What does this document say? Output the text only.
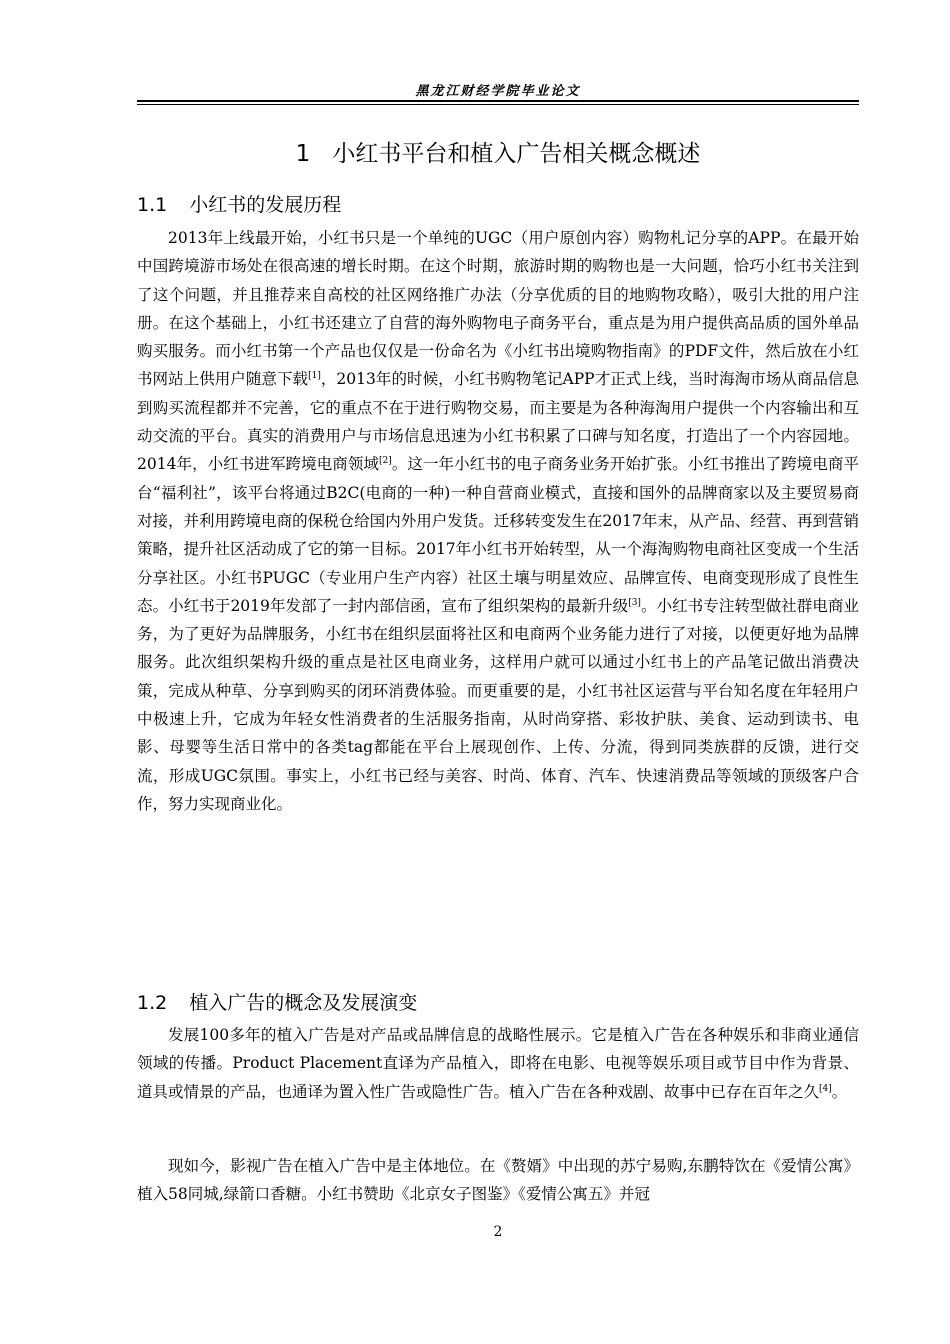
黑龙江财经学院毕业论文
1 小红书平台和植入广告相关概念概述
1.1 小红书的发展历程

2013年上线最开始，小红书只是一个单纯的UGC（用户原创内容）购物札记分享的APP。在最开始中国跨境游市场处在很高速的增长时期。在这个时期，旅游时期的购物也是一大问题，恰巧小红书关注到了这个问题，并且推荐来自高校的社区网络推广办法（分享优质的目的地购物攻略），吸引大批的用户注册。在这个基础上，小红书还建立了自营的海外购物电子商务平台，重点是为用户提供高品质的国外单品购买服务。而小红书第一个产品也仅仅是一份命名为《小红书出境购物指南》的PDF文件，然后放在小红书网站上供用户随意下载[1]，2013年的时候，小红书购物笔记APP才正式上线，当时海淘市场从商品信息到购买流程都并不完善，它的重点不在于进行购物交易，而主要是为各种海淘用户提供一个内容输出和互动交流的平台。真实的消费用户与市场信息迅速为小红书积累了口碑与知名度，打造出了一个内容园地。2014年，小红书进军跨境电商领域[2]。这一年小红书的电子商务业务开始扩张。小红书推出了跨境电商平台“福利社”，该平台将通过B2C(电商的一种)一种自营商业模式，直接和国外的品牌商家以及主要贸易商对接，并利用跨境电商的保税仓给国内外用户发货。迁移转变发生在2017年末，从产品、经营、再到营销策略，提升社区活动成了它的第一目标。2017年小红书开始转型，从一个海淘购物电商社区变成一个生活分享社区。小红书PUGC（专业用户生产内容）社区土壤与明星效应、品牌宣传、电商变现形成了良性生态。小红书于2019年发部了一封内部信函，宣布了组织架构的最新升级[3]。小红书专注转型做社群电商业务，为了更好为品牌服务，小红书在组织层面将社区和电商两个业务能力进行了对接，以便更好地为品牌服务。此次组织架构升级的重点是社区电商业务，这样用户就可以通过小红书上的产品笔记做出消费决策，完成从种草、分享到购买的闭环消费体验。而更重要的是，小红书社区运营与平台知名度在年轻用户中极速上升，它成为年轻女性消费者的生活服务指南，从时尚穿搭、彩妆护肤、美食、运动到读书、电影、母婴等生活日常中的各类tag都能在平台上展现创作、上传、分流，得到同类族群的反馈，进行交流，形成UGC氛围。事实上，小红书已经与美容、时尚、体育、汽车、快速消费品等领域的顶级客户合作，努力实现商业化。

1.2 植入广告的概念及发展演变

发展100多年的植入广告是对产品或品牌信息的战略性展示。它是植入广告在各种娱乐和非商业通信领域的传播。Product Placement直译为产品植入，即将在电影、电视等娱乐项目或节目中作为背景、道具或情景的产品，也通译为置入性广告或隐性广告。植入广告在各种戏剧、故事中已存在百年之久[4]。

现如今，影视广告在植入广告中是主体地位。在《赘婿》中出现的苏宁易购,东鹏特饮在《爱情公寓》植入58同城,绿箭口香糖。小红书赞助《北京女子图鉴》《爱情公寓五》并冠

2
